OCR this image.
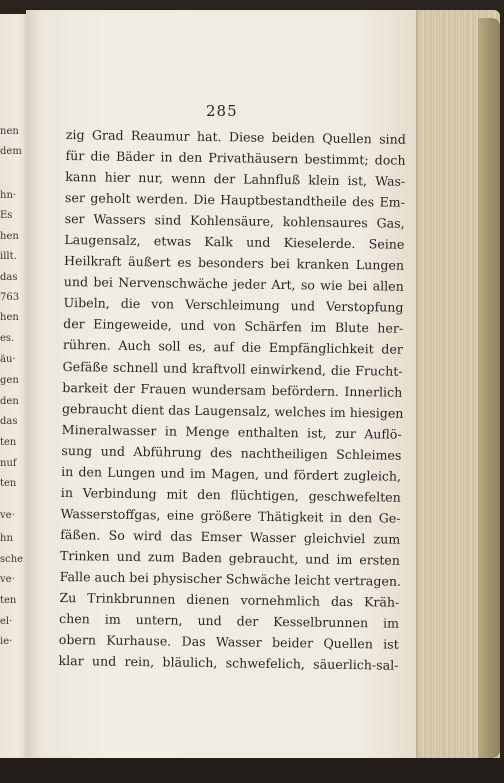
nen
dem
hn·
Es
hen
illt.
das
763
hen
es.
äu·
gen
den
das
ten
nuf
ten
ve·
hn
sche
ve·
ten
el·
ie·
285
zig Grad Reaumur hat. Diese beiden Quellen sind
für die Bäder in den Privathäusern bestimmt; doch
kann hier nur, wenn der Lahnfluß klein ist, Was-
ser geholt werden. Die Hauptbestandtheile des Em-
ser Wassers sind Kohlensäure, kohlensaures Gas,
Laugensalz, etwas Kalk und Kieselerde. Seine
Heilkraft äußert es besonders bei kranken Lungen
und bei Nervenschwäche jeder Art, so wie bei allen
Uibeln, die von Verschleimung und Verstopfung
der Eingeweide, und von Schärfen im Blute her-
rühren. Auch soll es, auf die Empfänglichkeit der
Gefäße schnell und kraftvoll einwirkend, die Frucht-
barkeit der Frauen wundersam befördern. Innerlich
gebraucht dient das Laugensalz, welches im hiesigen
Mineralwasser in Menge enthalten ist, zur Auflö-
sung und Abführung des nachtheiligen Schleimes
in den Lungen und im Magen, und fördert zugleich,
in Verbindung mit den flüchtigen, geschwefelten
Wasserstoffgas, eine größere Thätigkeit in den Ge-
fäßen. So wird das Emser Wasser gleichviel zum
Trinken und zum Baden gebraucht, und im ersten
Falle auch bei physischer Schwäche leicht vertragen.
Zu Trinkbrunnen dienen vornehmlich das Kräh-
chen im untern, und der Kesselbrunnen im
obern Kurhause. Das Wasser beider Quellen ist
klar und rein, bläulich, schwefelich, säuerlich-sal-
